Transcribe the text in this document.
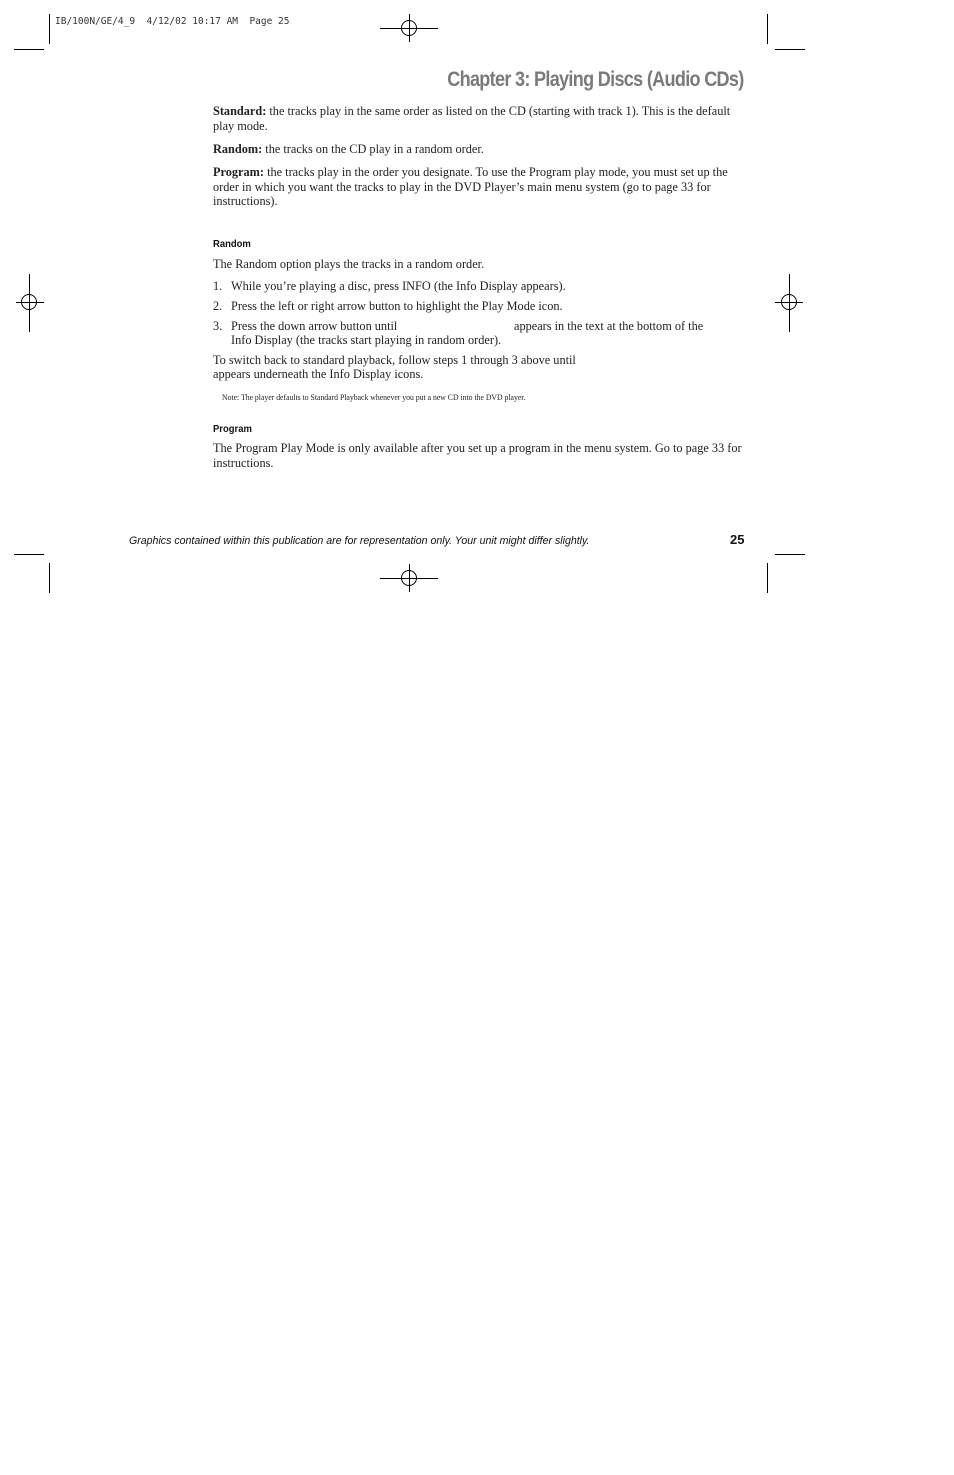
IB/100N/GE/4_9  4/12/02 10:17 AM  Page 25
Chapter 3: Playing Discs (Audio CDs)
Standard: the tracks play in the same order as listed on the CD (starting with track 1). This is the default play mode.
Random: the tracks on the CD play in a random order.
Program: the tracks play in the order you designate. To use the Program play mode, you must set up the order in which you want the tracks to play in the DVD Player’s main menu system (go to page 33 for instructions).
Random
The Random option plays the tracks in a random order.
1. While you’re playing a disc, press INFO (the Info Display appears).
2. Press the left or right arrow button to highlight the Play Mode icon.
3. Press the down arrow button until	appears in the text at the bottom of the
Info Display (the tracks start playing in random order).
To switch back to standard playback, follow steps 1 through 3 above until
appears underneath the Info Display icons.
Note: The player defaults to Standard Playback whenever you put a new CD into the DVD player.
Program
The Program Play Mode is only available after you set up a program in the menu system. Go to page 33 for instructions.
Graphics contained within this publication are for representation only. Your unit might differ slightly.	25
